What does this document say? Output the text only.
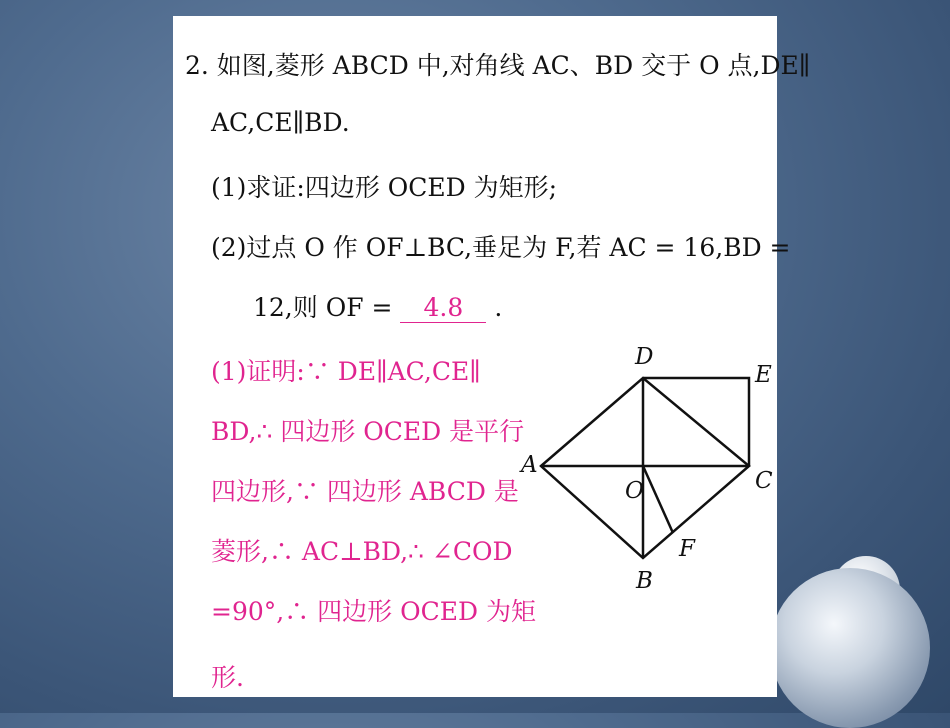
2. 如图,菱形 ABCD 中,对角线 AC、BD 交于 O 点,DE∥
AC,CE∥BD.
(1)求证:四边形 OCED 为矩形;
(2)过点 O 作 OF⊥BC,垂足为 F,若 AC = 16,BD =
12,则 OF = 4.8 .
(1)证明:∵ DE∥AC,CE∥
BD,∴ 四边形 OCED 是平行
四边形,∵ 四边形 ABCD 是
菱形,∴ AC⊥BD,∴ ∠COD
=90°,∴ 四边形 OCED 为矩
形.
D
E
A
C
O
F
B
